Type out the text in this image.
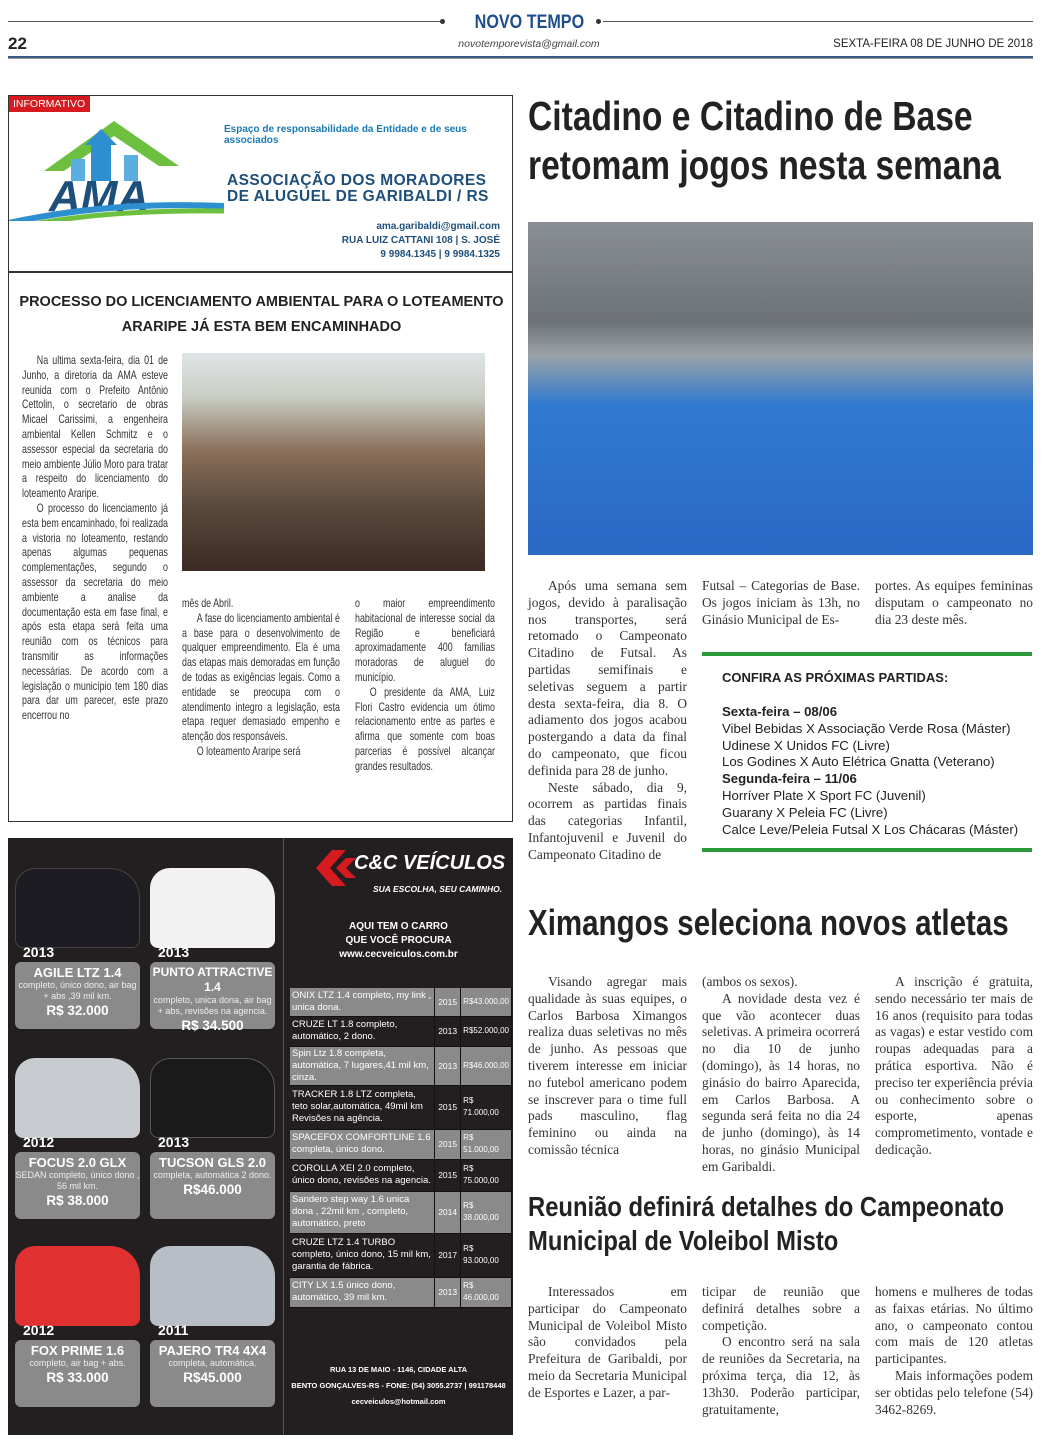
NOVO TEMPO
22	novotemporevista@gmail.com	SEXTA-FEIRA 08 DE JUNHO DE 2018
INFORMATIVO
AMA
Espaço de responsabilidade da Entidade e de seus associados
ASSOCIAÇÃO DOS MORADORES
DE ALUGUEL DE GARIBALDI / RS
ama.garibaldi@gmail.com
RUA LUIZ CATTANI 108 | S. JOSÉ
9 9984.1345 | 9 9984.1325
PROCESSO DO LICENCIAMENTO AMBIENTAL PARA O LOTEAMENTO
ARARIPE JÁ ESTA BEM ENCAMINHADO

Na ultima sexta-feira, dia 01 de Junho, a diretoria da AMA esteve reunida com o Prefeito Antônio Cettolin, o secretario de obras Micael Carissimi, a engenheira ambiental Kellen Schmitz e o assessor especial da secretaria do meio ambiente Júlio Moro para tratar a respeito do licenciamento do loteamento Araripe.

O processo do licenciamento já esta bem encaminhado, foi realizada a vistoria no loteamento, restando apenas algumas pequenas complementações, segundo o assessor da secretaria do meio ambiente a analise da documentação esta em fase final, e após esta etapa será feita uma reunião com os técnicos para transmitir as informações necessárias. De acordo com a legislação o município tem 180 dias para dar um parecer, este prazo encerrou no

mês de Abril.

A fase do licenciamento ambiental é a base para o desenvolvimento de qualquer empreendimento. Ela é uma das etapas mais demoradas em função de todas as exigências legais. Como a entidade se preocupa com o atendimento integro a legislação, esta etapa requer demasiado empenho e atenção dos responsáveis.

O loteamento Araripe será

o maior empreendimento habitacional de interesse social da Região e beneficiará aproximadamente 400 famílias moradoras de aluguel do município.

O presidente da AMA, Luiz Flori Castro evidencia um ótimo relacionamento entre as partes e afirma que somente com boas parcerias é possível alcançar grandes resultados.

2013
AGILE LTZ 1.4
completo, único dono, air bag + abs ,39 mil km.
R$ 32.000
2013
PUNTO ATTRACTIVE 1.4
completo, unica dona, air bag + abs, revisões na agencia.
R$ 34.500
2012
FOCUS 2.0 GLX
SEDAN completo, único dono , 56 mil km.
R$ 38.000
2013
TUCSON GLS 2.0
completa, automática 2 dono.
R$46.000
2012
FOX PRIME 1.6
completo, air bag + abs.
R$ 33.000
2011
PAJERO TR4 4X4
completa, automática.
R$45.000
C&C VEÍCULOS
SUA ESCOLHA, SEU CAMINHO.
AQUI TEM O CARRO
QUE VOCÊ PROCURA
www.cecveiculos.com.br
ONIX LTZ 1.4 completo, my link , unica dona.	2015	R$43.000,00
CRUZE LT 1.8 completo, automático, 2 dono.	2013	R$52.000,00
Spin Ltz 1.8 completa, automática, 7 lugares,41 mil km, cinza.	2013	R$46.000,00
TRACKER 1.8 LTZ completa, teto solar,automática, 49mil km Revisões na agência.	2015	R$ 71.000,00
SPACEFOX COMFORTLINE 1.6 completa, único dono.	2015	R$ 51.000,00
COROLLA XEI 2.0 completo, único dono, revisões na agencia.	2015	R$ 75.000,00
Sandero step way 1.6 unica dona , 22mil km , completo, automático, preto	2014	R$ 38.000,00
CRUZE LTZ 1.4 TURBO completo, único dono, 15 mil km, garantia de fábrica.	2017	R$ 93.000,00
CITY LX 1.5 único dono, automático, 39 mil km.	2013	R$ 46.000,00
RUA 13 DE MAIO - 1146, CIDADE ALTA
BENTO GONÇALVES-RS - FONE: (54) 3055.2737 | 991178448
cecveiculos@hotmail.com
Citadino e Citadino de Base
retomam jogos nesta semana

Após uma semana sem jogos, devido à paralisação nos transportes, será retomado o Campeonato Citadino de Futsal. As partidas semifinais e seletivas seguem a partir desta sexta-feira, dia 8. O adiamento dos jogos acabou postergando a data da final do campeonato, que ficou definida para 28 de junho.

Neste sábado, dia 9, ocorrem as partidas finais das categorias Infantil, Infantojuvenil e Juvenil do Campeonato Citadino de

Futsal – Categorias de Base. Os jogos iniciam às 13h, no Ginásio Municipal de Es-

portes. As equipes femininas disputam o campeonato no dia 23 deste mês.

CONFIRA AS PRÓXIMAS PARTIDAS:
Sexta-feira – 08/06
Vibel Bebidas X Associação Verde Rosa (Máster)
Udinese X Unidos FC (Livre)
Los Godines X Auto Elétrica Gnatta (Veterano)
Segunda-feira – 11/06
Horríver Plate X Sport FC (Juvenil)
Guarany X Peleia FC (Livre)
Calce Leve/Peleia Futsal X Los Chácaras (Máster)
Ximangos seleciona novos atletas

Visando agregar mais qualidade às suas equipes, o Carlos Barbosa Ximangos realiza duas seletivas no mês de junho. As pessoas que tiverem interesse em iniciar no futebol americano podem se inscrever para o time full pads masculino, flag feminino ou ainda na comissão técnica

(ambos os sexos).

A novidade desta vez é que vão acontecer duas seletivas. A primeira ocorrerá no dia 10 de junho (domingo), às 14 horas, no ginásio do bairro Aparecida, em Carlos Barbosa. A segunda será feita no dia 24 de junho (domingo), às 14 horas, no ginásio Municipal em Garibaldi.

A inscrição é gratuita, sendo necessário ter mais de 16 anos (requisito para todas as vagas) e estar vestido com roupas adequadas para a prática esportiva. Não é preciso ter experiência prévia ou conhecimento sobre o esporte, apenas comprometimento, vontade e dedicação.

Reunião definirá detalhes do Campeonato
Municipal de Voleibol Misto

Interessados em participar do Campeonato Municipal de Voleibol Misto são convidados pela Prefeitura de Garibaldi, por meio da Secretaria Municipal de Esportes e Lazer, a par-

ticipar de reunião que definirá detalhes sobre a competição.

O encontro será na sala de reuniões da Secretaria, na próxima terça, dia 12, às 13h30. Poderão participar, gratuitamente,

homens e mulheres de todas as faixas etárias. No último ano, o campeonato contou com mais de 120 atletas participantes.

Mais informações podem ser obtidas pelo telefone (54) 3462-8269.
